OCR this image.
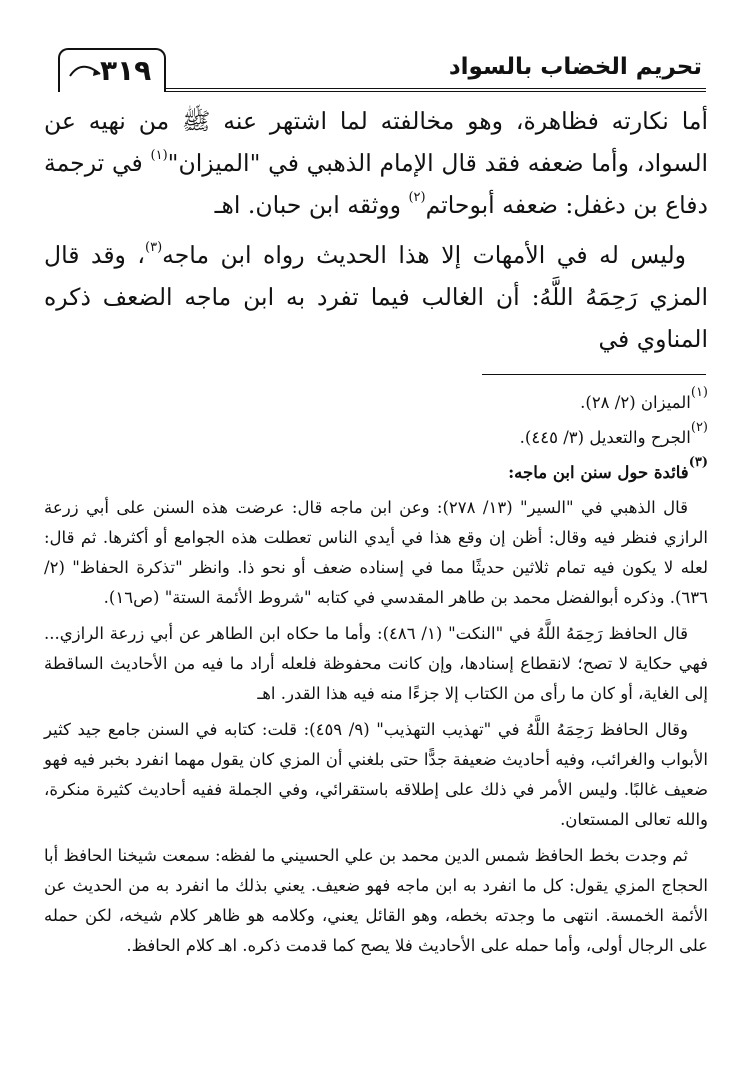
٣١٩	تحريم الخضاب بالسواد

أما نكارته فظاهرة، وهو مخالفته لما اشتهر عنه ﷺ من نهيه عن السواد، وأما ضعفه فقد قال الإمام الذهبي في "الميزان"$^{(١)}$ في ترجمة دفاع بن دغفل: ضعفه أبوحاتم$^{(٢)}$ ووثقه ابن حبان. اهـ

وليس له في الأمهات إلا هذا الحديث رواه ابن ماجه$^{(٣)}$، وقد قال المزي رَحِمَهُ اللَّهُ: أن الغالب فيما تفرد به ابن ماجه الضعف ذكره المناوي في

$^{(١)}$الميزان (٢/ ٢٨).

$^{(٢)}$الجرح والتعديل (٣/ ٤٤٥).

$^{(٣)}$فائدة حول سنن ابن ماجه:

قال الذهبي في "السير" (١٣/ ٢٧٨): وعن ابن ماجه قال: عرضت هذه السنن على أبي زرعة الرازي فنظر فيه وقال: أظن إن وقع هذا في أيدي الناس تعطلت هذه الجوامع أو أكثرها. ثم قال: لعله لا يكون فيه تمام ثلاثين حديثًا مما في إسناده ضعف أو نحو ذا. وانظر "تذكرة الحفاظ" (٢/ ٦٣٦). وذكره أبوالفضل محمد بن طاهر المقدسي في كتابه "شروط الأئمة الستة" (ص١٦).

قال الحافظ رَحِمَهُ اللَّهُ في "النكت" (١/ ٤٨٦): وأما ما حكاه ابن الطاهر عن أبي زرعة الرازي... فهي حكاية لا تصح؛ لانقطاع إسنادها، وإن كانت محفوظة فلعله أراد ما فيه من الأحاديث الساقطة إلى الغاية، أو كان ما رأى من الكتاب إلا جزءًا منه فيه هذا القدر. اهـ

وقال الحافظ رَحِمَهُ اللَّهُ في "تهذيب التهذيب" (٩/ ٤٥٩): قلت: كتابه في السنن جامع جيد كثير الأبواب والغرائب، وفيه أحاديث ضعيفة جدًّا حتى بلغني أن المزي كان يقول مهما انفرد بخبر فيه فهو ضعيف غالبًا. وليس الأمر في ذلك على إطلاقه باستقرائي، وفي الجملة ففيه أحاديث كثيرة منكرة، والله تعالى المستعان.

ثم وجدت بخط الحافظ شمس الدين محمد بن علي الحسيني ما لفظه: سمعت شيخنا الحافظ أبا الحجاج المزي يقول: كل ما انفرد به ابن ماجه فهو ضعيف. يعني بذلك ما انفرد به من الحديث عن الأئمة الخمسة. انتهى ما وجدته بخطه، وهو القائل يعني، وكلامه هو ظاهر كلام شيخه، لكن حمله على الرجال أولى، وأما حمله على الأحاديث فلا يصح كما قدمت ذكره. اهـ كلام الحافظ.
